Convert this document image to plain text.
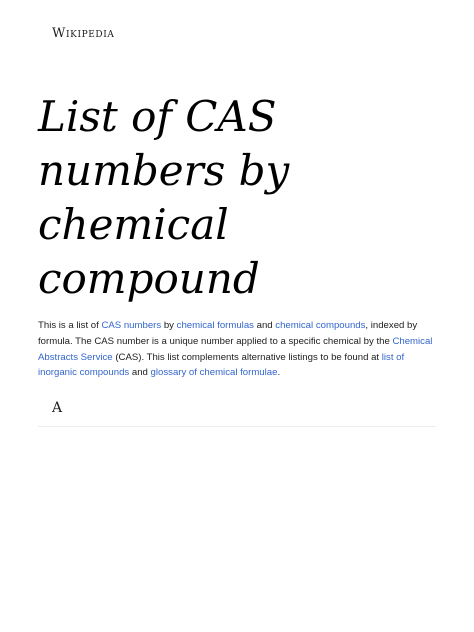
Wikipedia
List of CAS numbers by chemical compound

This is a list of CAS numbers by chemical formulas and chemical compounds, indexed by formula. The CAS number is a unique number applied to a specific chemical by the Chemical Abstracts Service (CAS). This list complements alternative listings to be found at list of inorganic compounds and glossary of chemical formulae.

A
